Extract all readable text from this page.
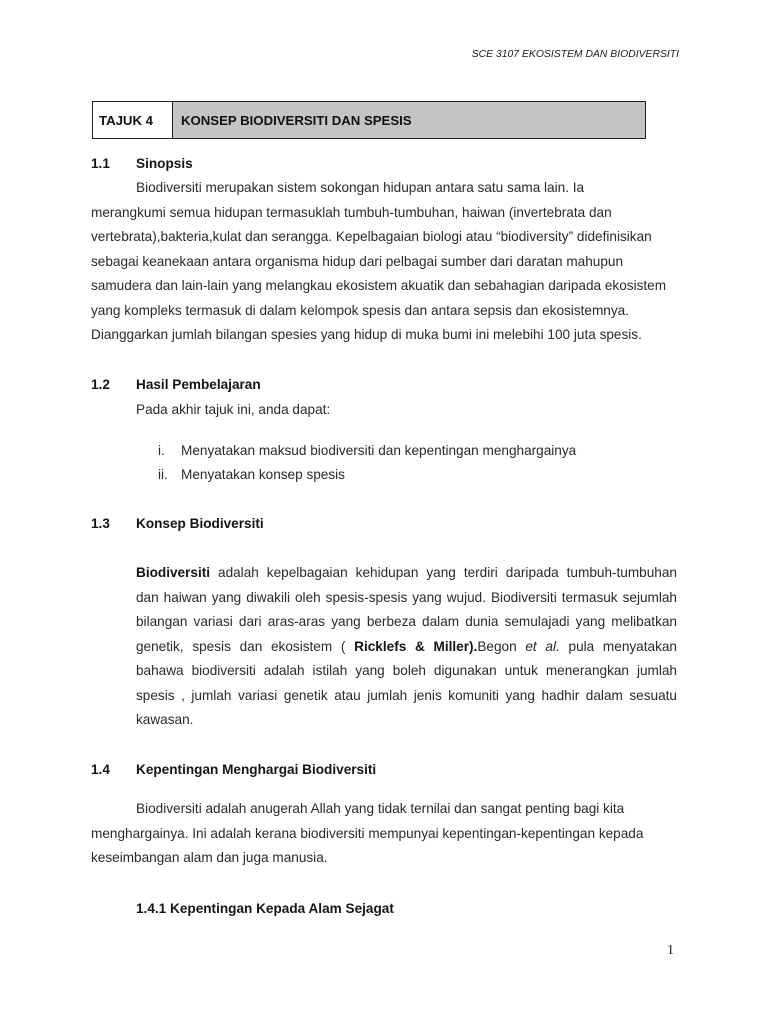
SCE 3107 EKOSISTEM DAN BIODIVERSITI
TAJUK 4	KONSEP BIODIVERSITI DAN SPESIS
1.1 Sinopsis
Biodiversiti merupakan sistem sokongan hidupan antara satu sama lain. Ia
merangkumi semua hidupan termasuklah tumbuh-tumbuhan, haiwan (invertebrata dan
vertebrata),bakteria,kulat dan serangga. Kepelbagaian biologi atau “biodiversity” didefinisikan
sebagai keanekaan antara organisma hidup dari pelbagai sumber dari daratan mahupun
samudera dan lain-lain yang melangkau ekosistem akuatik dan sebahagian daripada ekosistem
yang kompleks termasuk di dalam kelompok spesis dan antara sepsis dan ekosistemnya.
Dianggarkan jumlah bilangan spesies yang hidup di muka bumi ini melebihi 100 juta spesis.
1.2 Hasil Pembelajaran
Pada akhir tajuk ini, anda dapat:
i. Menyatakan maksud biodiversiti dan kepentingan menghargainya
ii. Menyatakan konsep spesis
1.3 Konsep Biodiversiti
Biodiversiti adalah kepelbagaian kehidupan yang terdiri daripada tumbuh-tumbuhan
dan haiwan yang diwakili oleh spesis-spesis yang wujud. Biodiversiti termasuk sejumlah
bilangan variasi dari aras-aras yang berbeza dalam dunia semulajadi yang melibatkan
genetik, spesis dan ekosistem ( Ricklefs & Miller).Begon et al. pula menyatakan
bahawa biodiversiti adalah istilah yang boleh digunakan untuk menerangkan jumlah
spesis , jumlah variasi genetik atau jumlah jenis komuniti yang hadhir dalam sesuatu
kawasan.
1.4 Kepentingan Menghargai Biodiversiti
Biodiversiti adalah anugerah Allah yang tidak ternilai dan sangat penting bagi kita
menghargainya. Ini adalah kerana biodiversiti mempunyai kepentingan-kepentingan kepada
keseimbangan alam dan juga manusia.
1.4.1 Kepentingan Kepada Alam Sejagat
1
